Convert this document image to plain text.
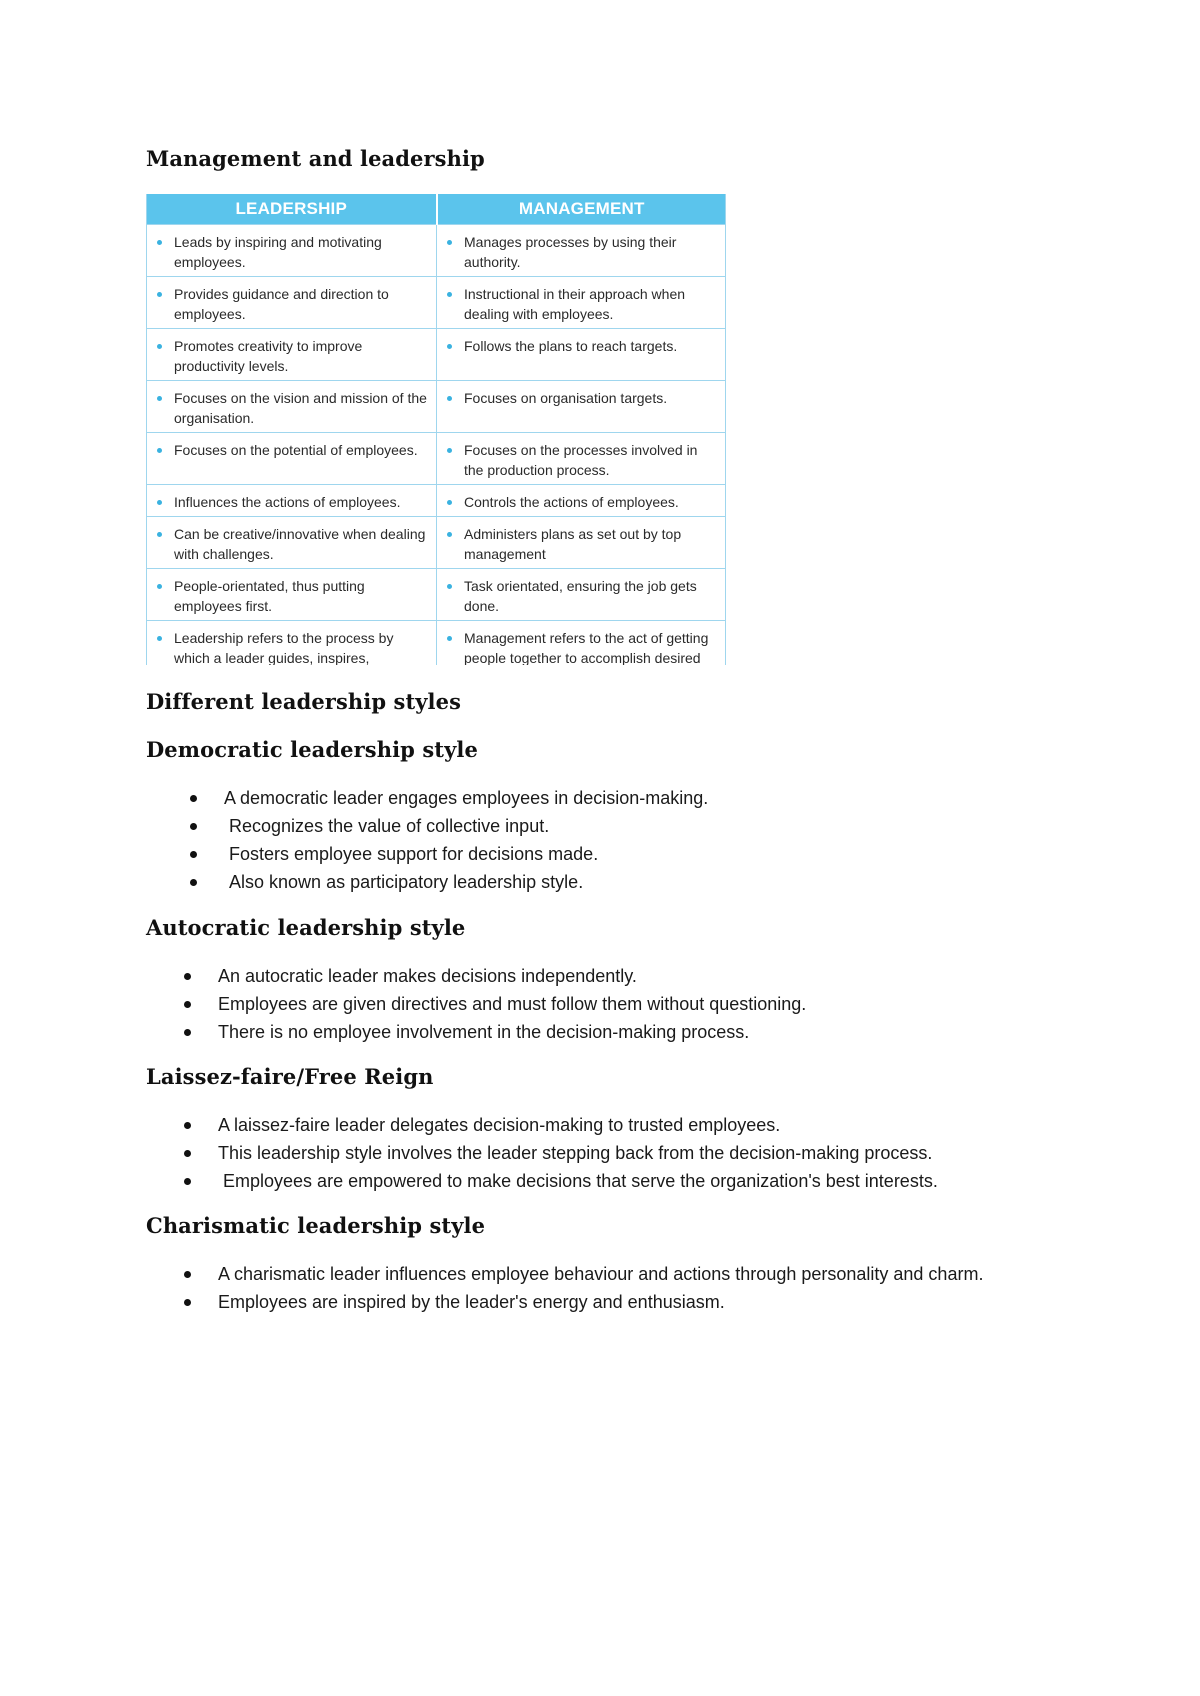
Management and leadership
LEADERSHIP	MANAGEMENT

Leads by inspiring and motivating employees.	Manages processes by using their authority.

Provides guidance and direction to employees.	Instructional in their approach when dealing with employees.

Promotes creativity to improve productivity levels.	Follows the plans to reach targets.

Focuses on the vision and mission of the organisation.	Focuses on organisation targets.

Focuses on the potential of employees.	Focuses on the processes involved in the production process.

Influences the actions of employees.	Controls the actions of employees.

Can be creative/innovative when dealing with challenges.	Administers plans as set out by top management

People-orientated, thus putting employees first.	Task orientated, ensuring the job gets done.

Leadership refers to the process by which a leader guides, inspires,	Management refers to the act of getting people together to accomplish desired
Different leadership styles
Democratic leadership style
A democratic leader engages employees in decision-making.
Recognizes the value of collective input.
Fosters employee support for decisions made.
Also known as participatory leadership style.
Autocratic leadership style
An autocratic leader makes decisions independently.
Employees are given directives and must follow them without questioning.
There is no employee involvement in the decision-making process.
Laissez-faire/Free Reign
A laissez-faire leader delegates decision-making to trusted employees.
This leadership style involves the leader stepping back from the decision-making process.
Employees are empowered to make decisions that serve the organization's best interests.
Charismatic leadership style
A charismatic leader influences employee behaviour and actions through personality and charm.
Employees are inspired by the leader's energy and enthusiasm.
